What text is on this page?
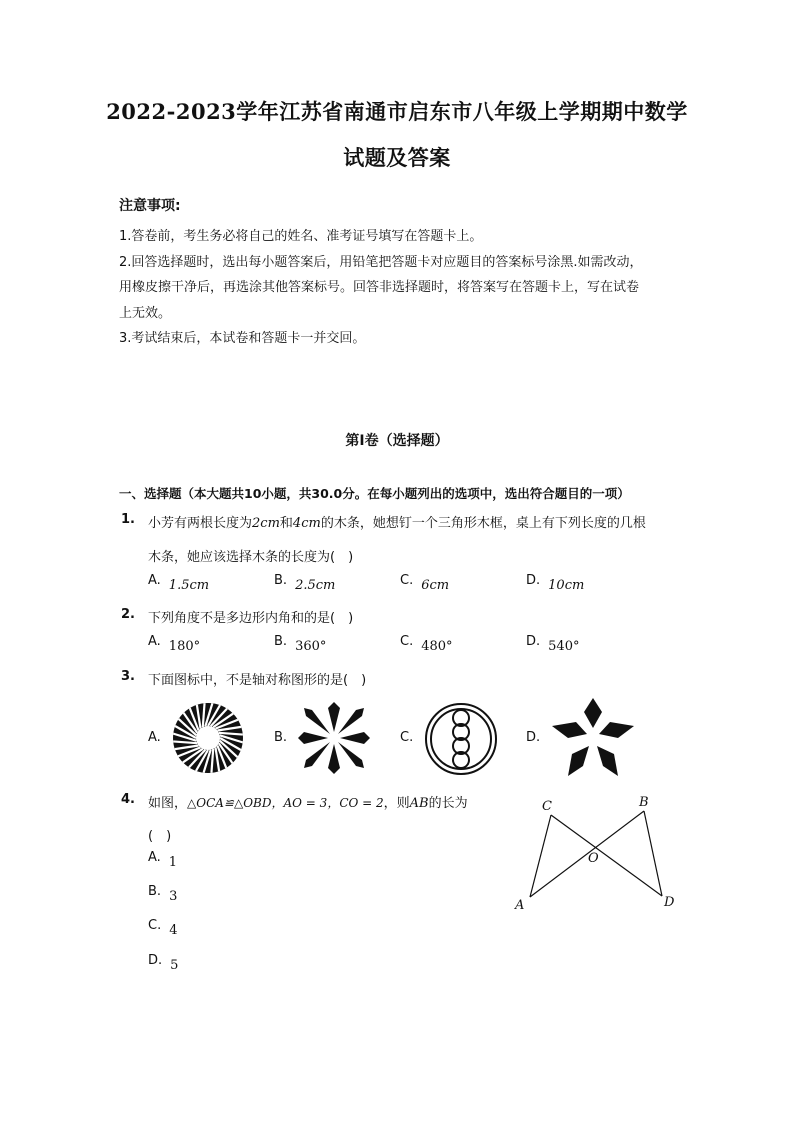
2022-2023学年江苏省南通市启东市八年级上学期期中数学
试题及答案
注意事项:
1.答卷前，考生务必将自己的姓名、准考证号填写在答题卡上。
2.回答选择题时，选出每小题答案后，用铅笔把答题卡对应题目的答案标号涂黑.如需改动，
用橡皮擦干净后，再选涂其他答案标号。回答非选择题时，将答案写在答题卡上，写在试卷
上无效。
3.考试结束后，本试卷和答题卡一并交回。
第I卷（选择题）
一、选择题（本大题共10小题，共30.0分。在每小题列出的选项中，选出符合题目的一项）
1. 小芳有两根长度为2cm和4cm的木条，她想钉一个三角形木框，桌上有下列长度的几根
木条，她应该选择木条的长度为(　)
A. 1.5cm	B. 2.5cm	C. 6cm	D. 10cm
2. 下列角度不是多边形内角和的是(　)
A. 180°	B. 360°	C. 480°	D. 540°
3. 下面图标中，不是轴对称图形的是(　)
A.	B.	C.	D.
4. 如图，△OCA≌△OBD，AO = 3，CO = 2，则AB的长为
(　)
A. 1
B. 3
C. 4
D. 5
C	B
O
A	D
